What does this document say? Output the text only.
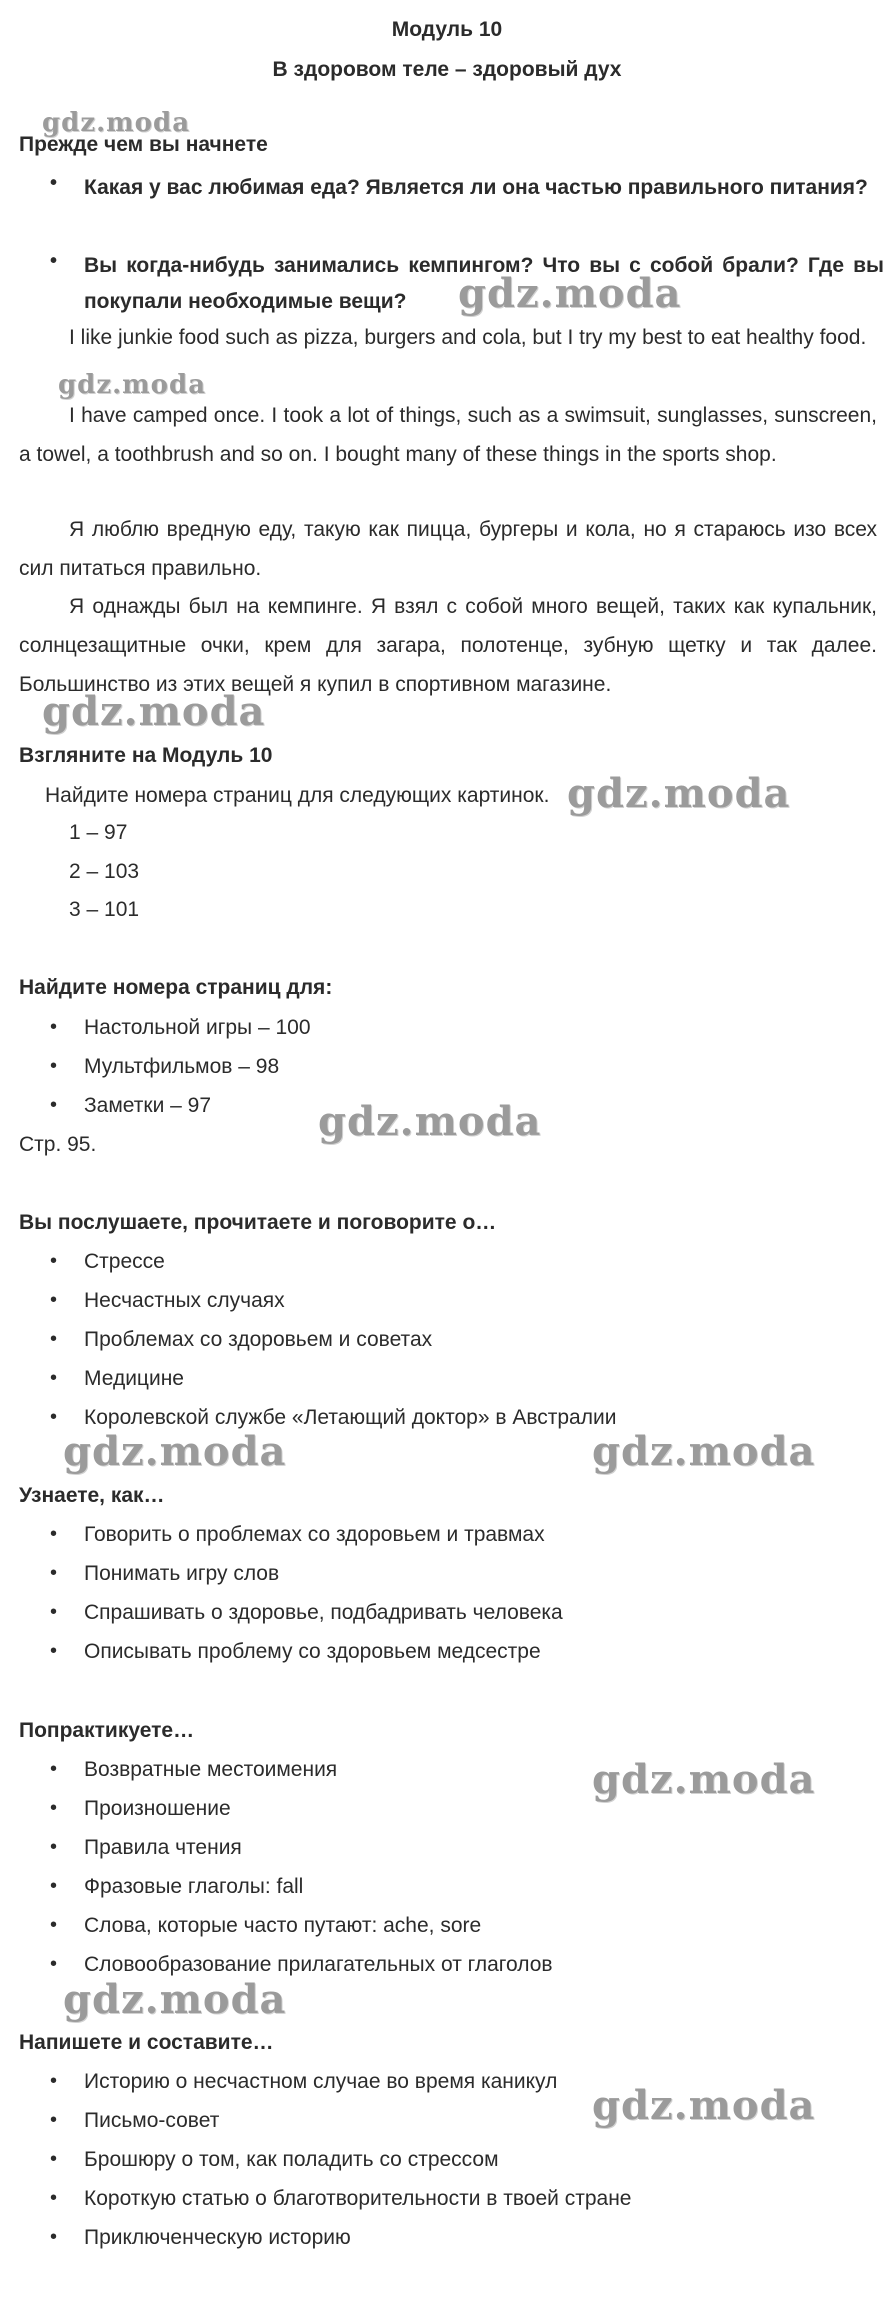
Модуль 10
В здоровом теле – здоровый дух
Прежде чем вы начнете
• Какая у вас любимая еда? Является ли она частью правильного питания?
• Вы когда-нибудь занимались кемпингом? Что вы с собой брали? Где вы покупали необходимые вещи?
I like junkie food such as pizza, burgers and cola, but I try my best to eat healthy food.
I have camped once. I took a lot of things, such as a swimsuit, sunglasses, sunscreen, a towel, a toothbrush and so on. I bought many of these things in the sports shop.
Я люблю вредную еду, такую как пицца, бургеры и кола, но я стараюсь изо всех сил питаться правильно.
Я однажды был на кемпинге. Я взял с собой много вещей, таких как купальник, солнцезащитные очки, крем для загара, полотенце, зубную щетку и так далее. Большинство из этих вещей я купил в спортивном магазине.
Взгляните на Модуль 10
Найдите номера страниц для следующих картинок.
1 – 97
2 – 103
3 – 101
Найдите номера страниц для:
• Настольной игры – 100
• Мультфильмов – 98
• Заметки – 97
Стр. 95.
Вы послушаете, прочитаете и поговорите о…
• Стрессе
• Несчастных случаях
• Проблемах со здоровьем и советах
• Медицине
• Королевской службе «Летающий доктор» в Австралии
Узнаете, как…
• Говорить о проблемах со здоровьем и травмах
• Понимать игру слов
• Спрашивать о здоровье, подбадривать человека
• Описывать проблему со здоровьем медсестре
Попрактикуете…
• Возвратные местоимения
• Произношение
• Правила чтения
• Фразовые глаголы: fall
• Слова, которые часто путают: ache, sore
• Словообразование прилагательных от глаголов
Напишете и составите…
• Историю о несчастном случае во время каникул
• Письмо-совет
• Брошюру о том, как поладить со стрессом
• Короткую статью о благотворительности в твоей стране
• Приключенческую историю
gdz.moda
gdz.moda
gdz.moda
gdz.moda
gdz.moda
gdz.moda
gdz.moda	gdz.moda
gdz.moda
gdz.moda
gdz.moda
